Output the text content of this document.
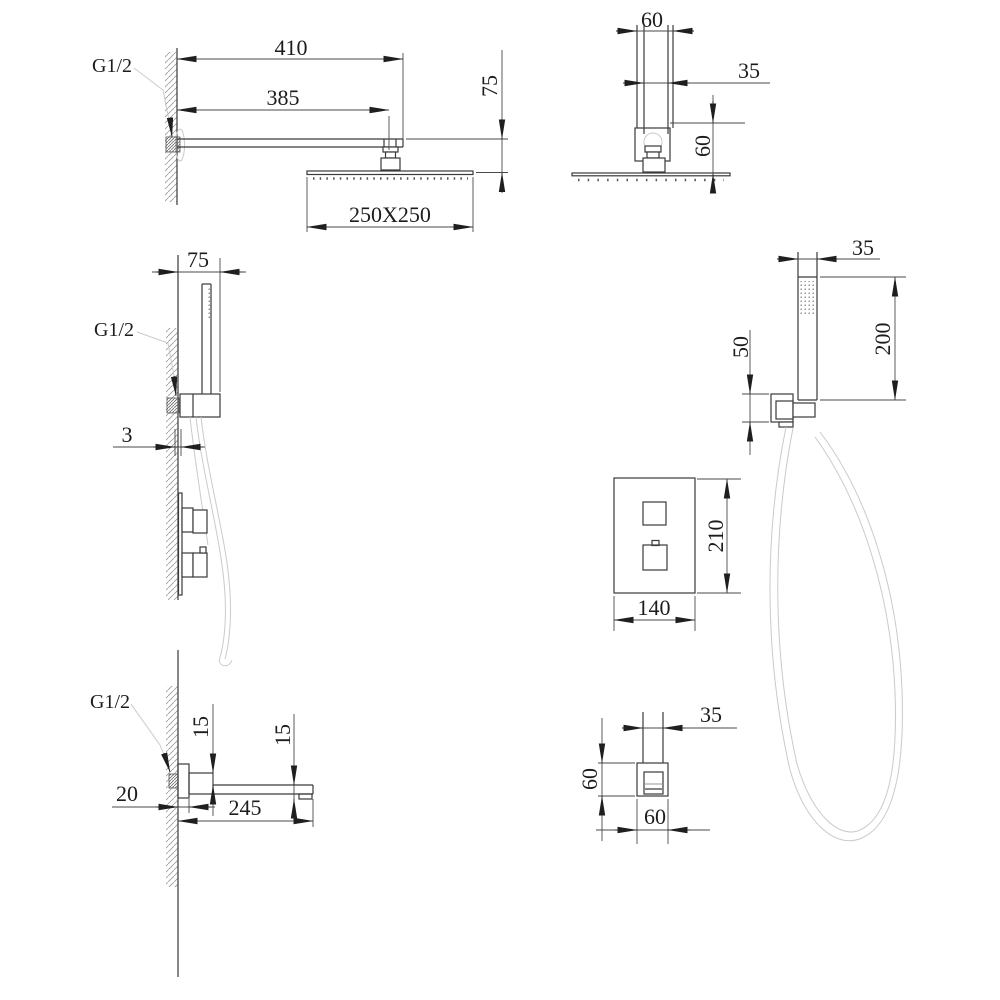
410
385	75
250X250
G1/2
60
35
60
75
G1/2
3
35
200
50
210
140
G1/2
15	15
20
245
35
60
60
